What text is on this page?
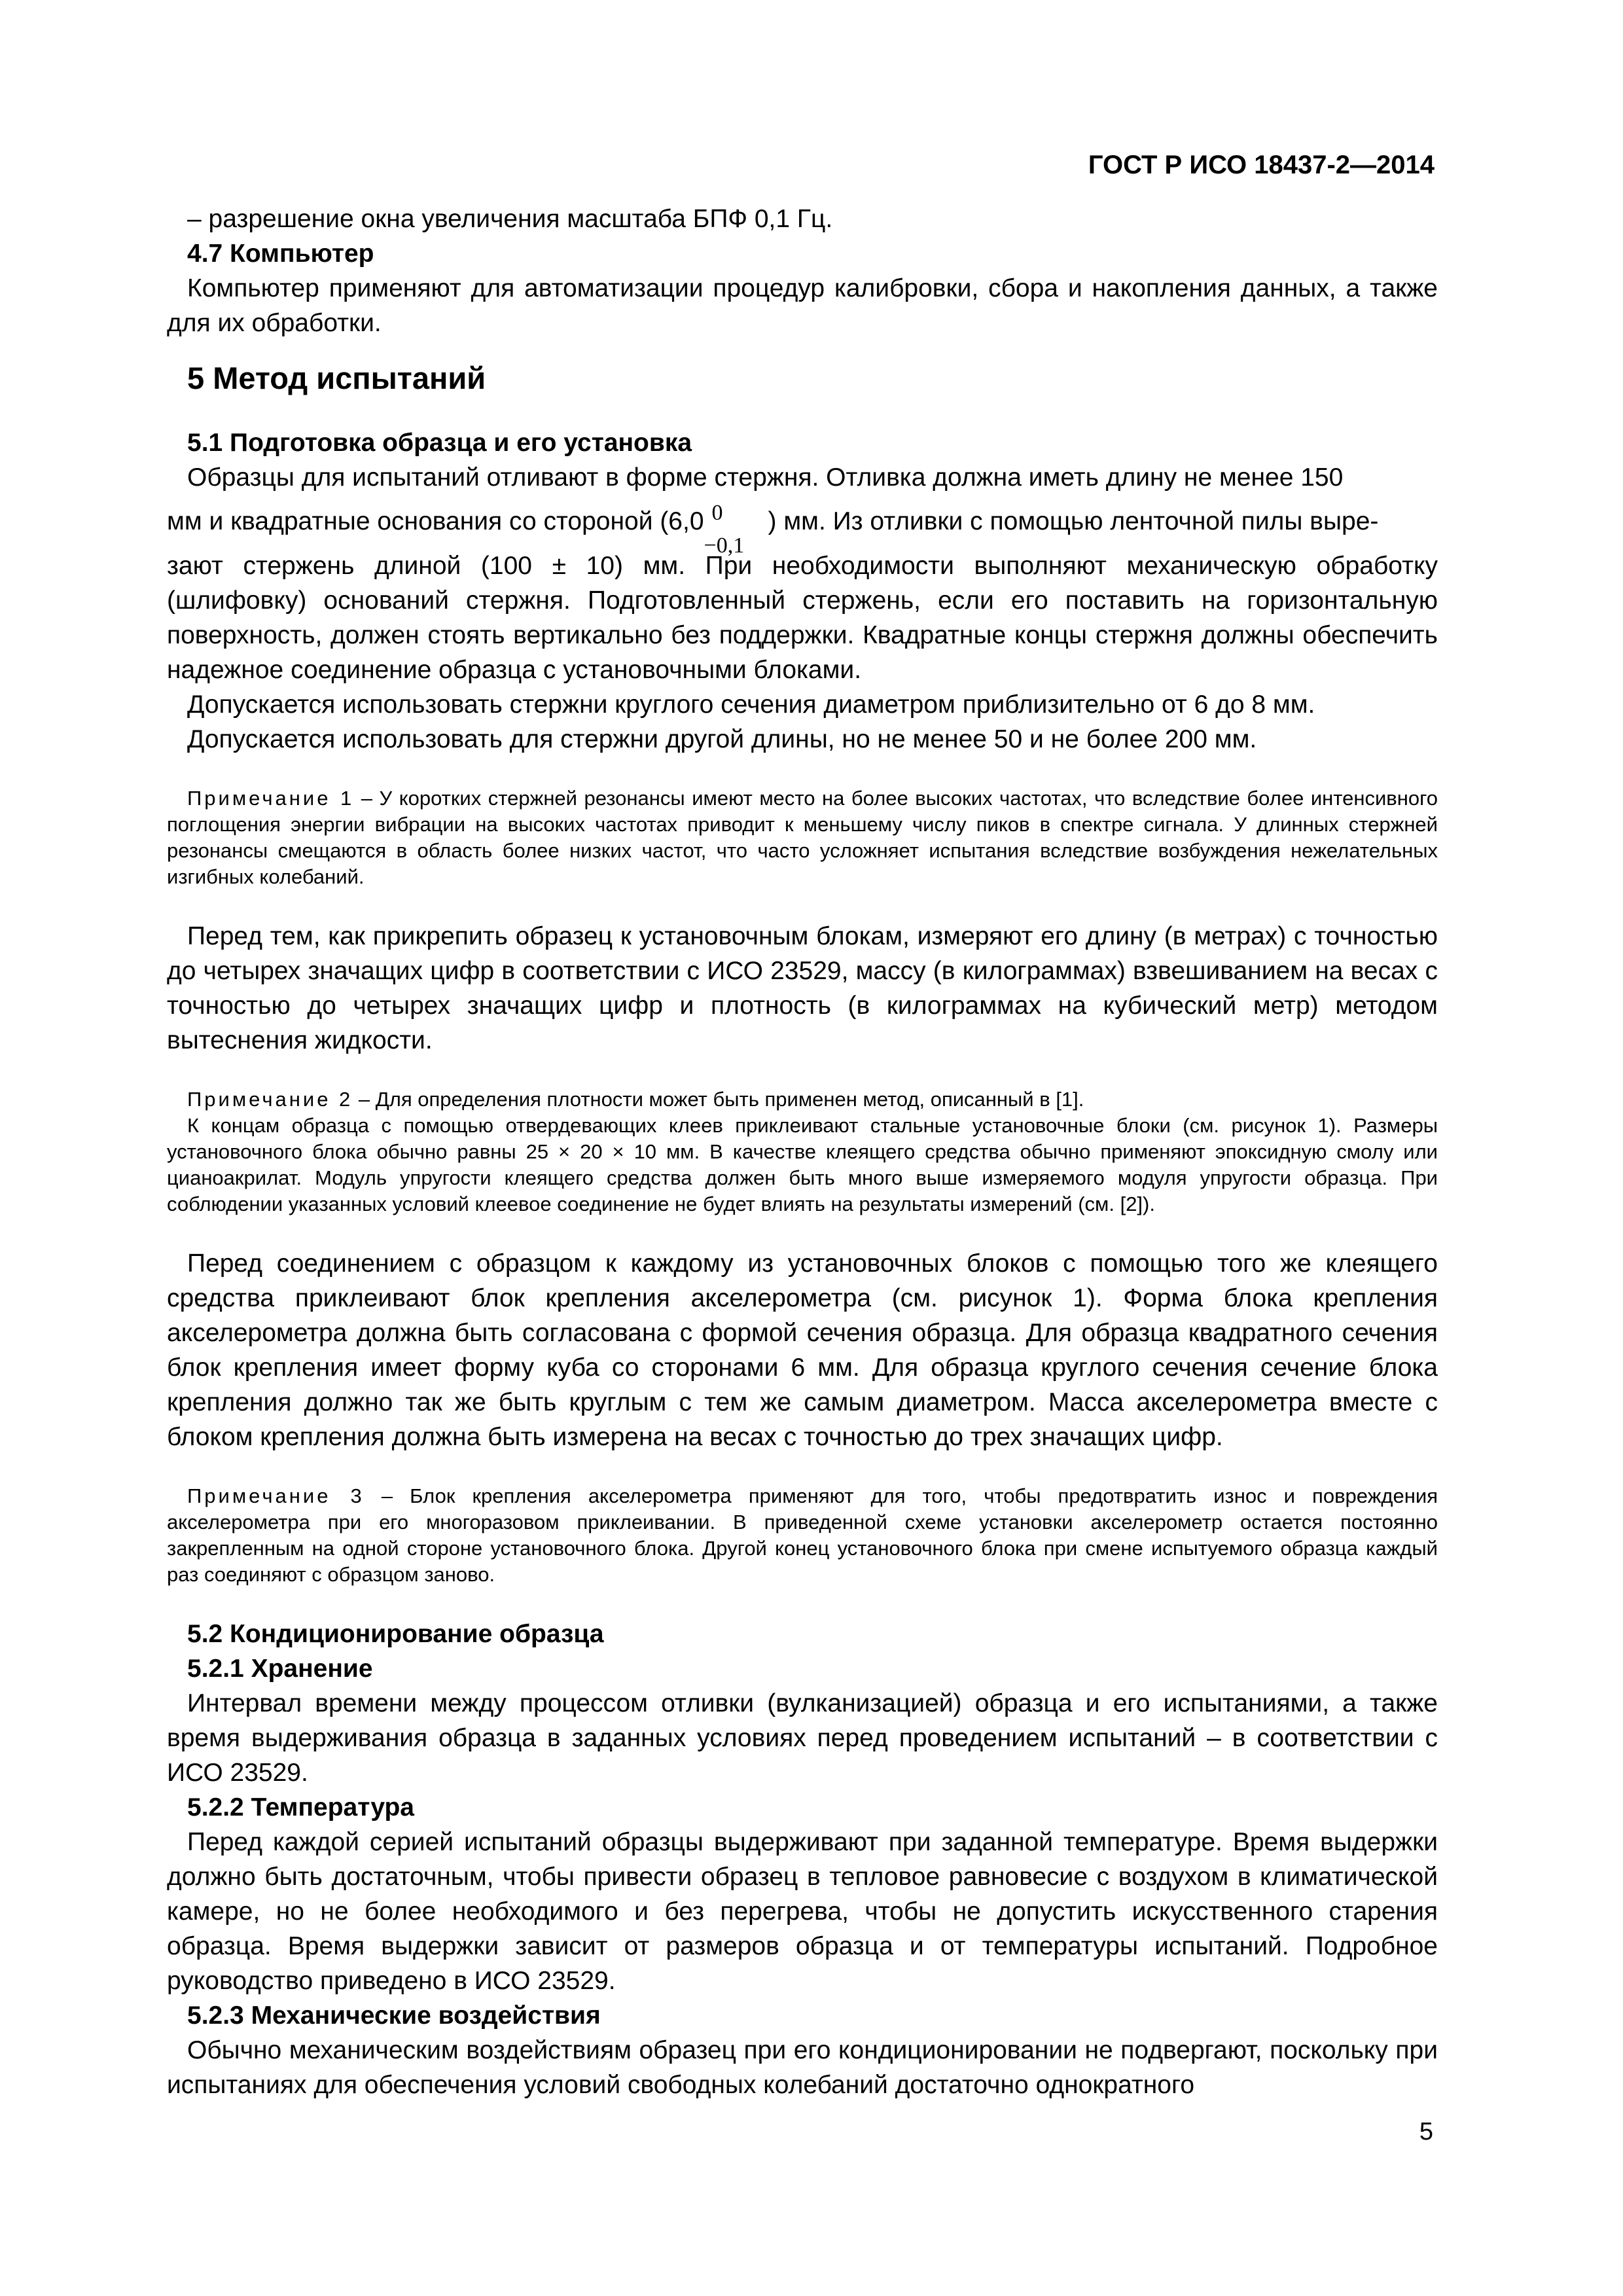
ГОСТ Р ИСО 18437-2—2014

– разрешение окна увеличения масштаба БПФ 0,1 Гц.

4.7 Компьютер

Компьютер применяют для автоматизации процедур калибровки, сбора и накопления данных, а также для их обработки.

5 Метод испытаний

5.1 Подготовка образца и его установка

Образцы для испытаний отливают в форме стержня. Отливка должна иметь длину не менее 150

мм и квадратные основания со стороной (6,0 0
−0,1
) мм. Из отливки с помощью ленточной пилы выре-

зают стержень длиной (100 ± 10) мм. При необходимости выполняют механическую обработку (шлифовку) оснований стержня. Подготовленный стержень, если его поставить на горизонтальную поверхность, должен стоять вертикально без поддержки. Квадратные концы стержня должны обеспечить надежное соединение образца с установочными блоками.

Допускается использовать стержни круглого сечения диаметром приблизительно от 6 до 8 мм.

Допускается использовать для стержни другой длины, но не менее 50 и не более 200 мм.

Примечание 1 – У коротких стержней резонансы имеют место на более высоких частотах, что вследствие более интенсивного поглощения энергии вибрации на высоких частотах приводит к меньшему числу пиков в спектре сигнала. У длинных стержней резонансы смещаются в область более низких частот, что часто усложняет испытания вследствие возбуждения нежелательных изгибных колебаний.

Перед тем, как прикрепить образец к установочным блокам, измеряют его длину (в метрах) с точностью до четырех значащих цифр в соответствии с ИСО 23529, массу (в килограммах) взвешиванием на весах с точностью до четырех значащих цифр и плотность (в килограммах на кубический метр) методом вытеснения жидкости.

Примечание 2 – Для определения плотности может быть применен метод, описанный в [1].

К концам образца с помощью отвердевающих клеев приклеивают стальные установочные блоки (см. рисунок 1). Размеры установочного блока обычно равны 25 × 20 × 10 мм. В качестве клеящего средства обычно применяют эпоксидную смолу или цианоакрилат. Модуль упругости клеящего средства должен быть много выше измеряемого модуля упругости образца. При соблюдении указанных условий клеевое соединение не будет влиять на результаты измерений (см. [2]).

Перед соединением с образцом к каждому из установочных блоков с помощью того же клеящего средства приклеивают блок крепления акселерометра (см. рисунок 1). Форма блока крепления акселерометра должна быть согласована с формой сечения образца. Для образца квадратного сечения блок крепления имеет форму куба со сторонами 6 мм. Для образца круглого сечения сечение блока крепления должно так же быть круглым с тем же самым диаметром. Масса акселерометра вместе с блоком крепления должна быть измерена на весах с точностью до трех значащих цифр.

Примечание 3 – Блок крепления акселерометра применяют для того, чтобы предотвратить износ и повреждения акселерометра при его многоразовом приклеивании. В приведенной схеме установки акселерометр остается постоянно закрепленным на одной стороне установочного блока. Другой конец установочного блока при смене испытуемого образца каждый раз соединяют с образцом заново.

5.2 Кондиционирование образца

5.2.1 Хранение

Интервал времени между процессом отливки (вулканизацией) образца и его испытаниями, а также время выдерживания образца в заданных условиях перед проведением испытаний – в соответствии с ИСО 23529.

5.2.2 Температура

Перед каждой серией испытаний образцы выдерживают при заданной температуре. Время выдержки должно быть достаточным, чтобы привести образец в тепловое равновесие с воздухом в климатической камере, но не более необходимого и без перегрева, чтобы не допустить искусственного старения образца. Время выдержки зависит от размеров образца и от температуры испытаний. Подробное руководство приведено в ИСО 23529.

5.2.3 Механические воздействия

Обычно механическим воздействиям образец при его кондиционировании не подвергают, поскольку при испытаниях для обеспечения условий свободных колебаний достаточно однократного

5
